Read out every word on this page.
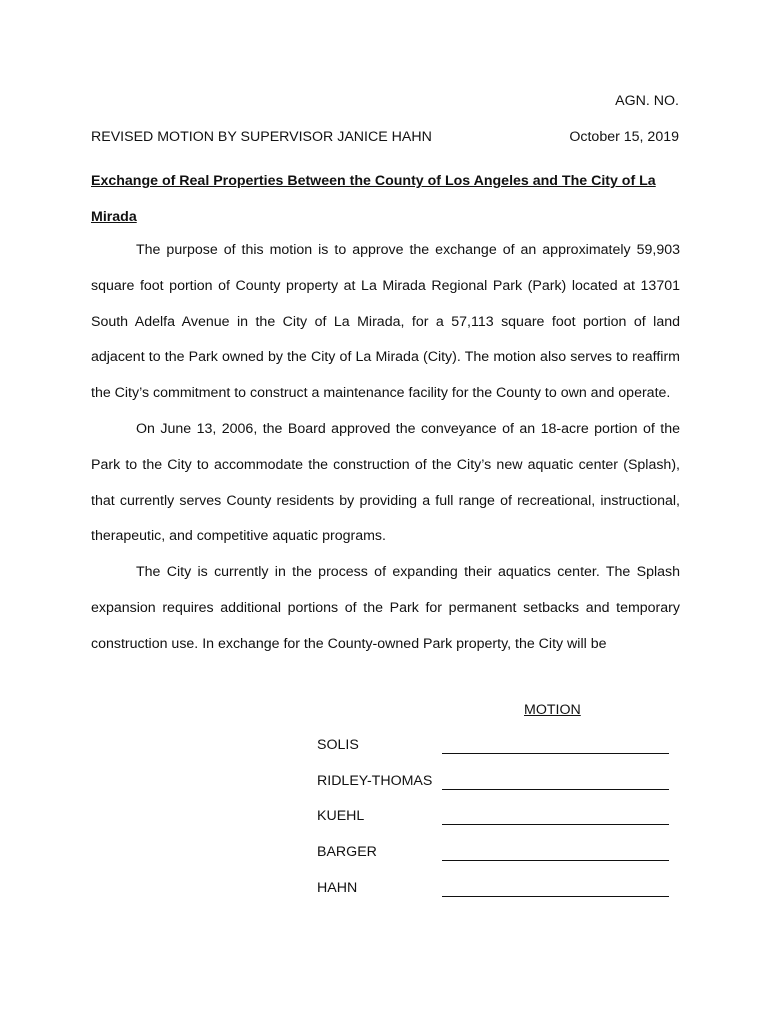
AGN. NO.
REVISED MOTION BY SUPERVISOR JANICE HAHN	October 15, 2019
Exchange of Real Properties Between the County of Los Angeles and The City of La Mirada

The purpose of this motion is to approve the exchange of an approximately 59,903 square foot portion of County property at La Mirada Regional Park (Park) located at 13701 South Adelfa Avenue in the City of La Mirada, for a 57,113 square foot portion of land adjacent to the Park owned by the City of La Mirada (City). The motion also serves to reaffirm the City’s commitment to construct a maintenance facility for the County to own and operate.

On June 13, 2006, the Board approved the conveyance of an 18-acre portion of the Park to the City to accommodate the construction of the City’s new aquatic center (Splash), that currently serves County residents by providing a full range of recreational, instructional, therapeutic, and competitive aquatic programs.

The City is currently in the process of expanding their aquatics center. The Splash expansion requires additional portions of the Park for permanent setbacks and temporary construction use. In exchange for the County-owned Park property, the City will be

MOTION
SOLIS
RIDLEY-THOMAS
KUEHL
BARGER
HAHN
